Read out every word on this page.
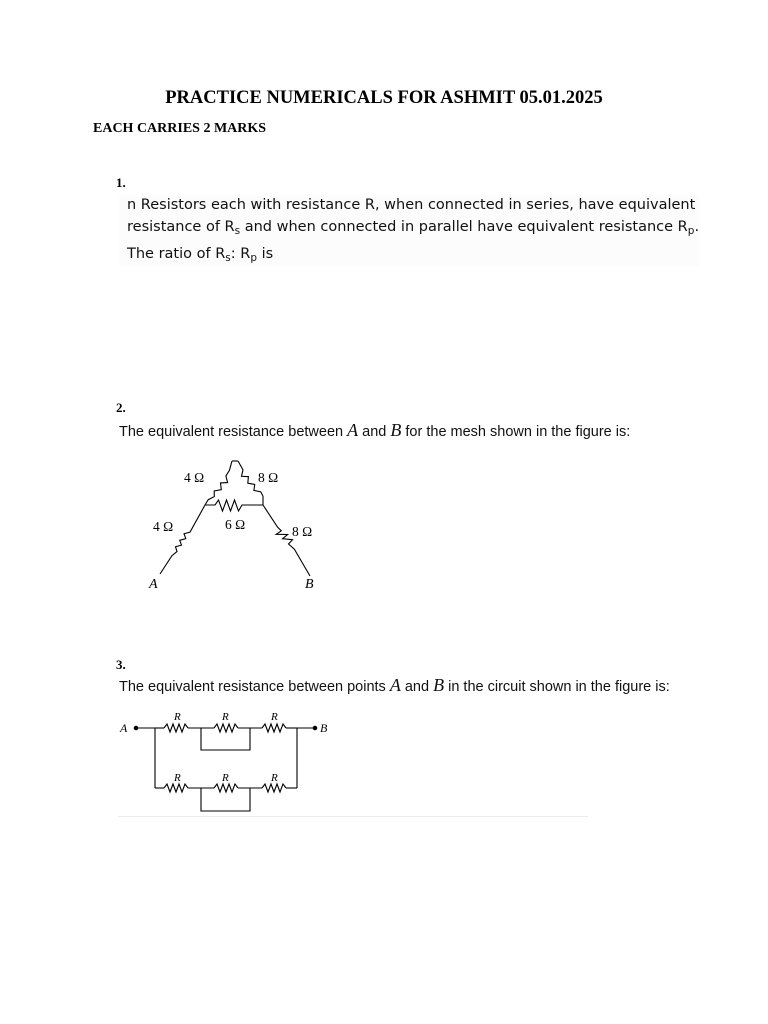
PRACTICE NUMERICALS FOR ASHMIT 05.01.2025
EACH CARRIES 2 MARKS
1.
n Resistors each with resistance R, when connected in series, have equivalent
resistance of $R_s$ and when connected in parallel have equivalent resistance $R_p$.
The ratio of $R_s$: $R_p$ is
2.
The equivalent resistance between A and B for the mesh shown in the figure is:
4 Ω	8 Ω
6 Ω
4 Ω	8 Ω
A	B
3.
The equivalent resistance between points A and B in the circuit shown in the figure is:
R	R	R
R	R	R
A	B
